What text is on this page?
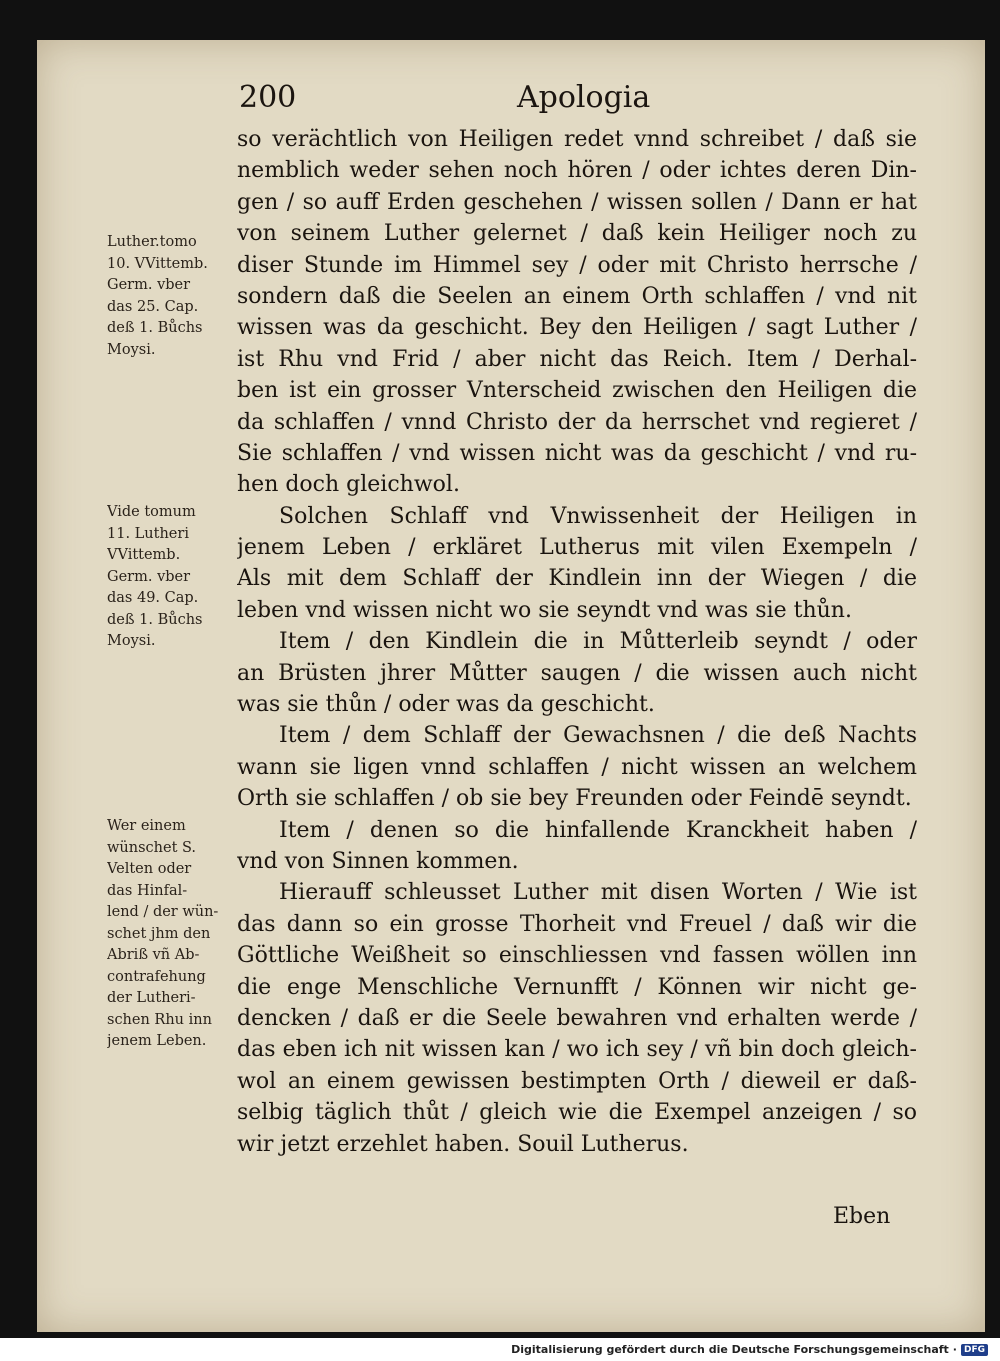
200	Apologia
so verächtlich von Heiligen redet vnnd schreibet / daß sie
nemblich weder sehen noch hören / oder ichtes deren Din-
gen / so auff Erden geschehen / wissen sollen / Dann er hat
von seinem Luther gelernet / daß kein Heiliger noch zu
diser Stunde im Himmel sey / oder mit Christo herrsche /
sondern daß die Seelen an einem Orth schlaffen / vnd nit
wissen was da geschicht. Bey den Heiligen / sagt Luther /
ist Rhu vnd Frid / aber nicht das Reich. Item / Derhal-
ben ist ein grosser Vnterscheid zwischen den Heiligen die
da schlaffen / vnnd Christo der da herrschet vnd regieret /
Sie schlaffen / vnd wissen nicht was da geschicht / vnd ru-
hen doch gleichwol.
Solchen Schlaff vnd Vnwissenheit der Heiligen in
jenem Leben / erkläret Lutherus mit vilen Exempeln /
Als mit dem Schlaff der Kindlein inn der Wiegen / die
leben vnd wissen nicht wo sie seyndt vnd was sie thůn.
Item / den Kindlein die in Můtterleib seyndt / oder
an Brüsten jhrer Můtter saugen / die wissen auch nicht
was sie thůn / oder was da geschicht.
Item / dem Schlaff der Gewachsnen / die deß Nachts
wann sie ligen vnnd schlaffen / nicht wissen an welchem
Orth sie schlaffen / ob sie bey Freunden oder Feindē seyndt.
Item / denen so die hinfallende Kranckheit haben /
vnd von Sinnen kommen.
Hierauff schleusset Luther mit disen Worten / Wie ist
das dann so ein grosse Thorheit vnd Freuel / daß wir die
Göttliche Weißheit so einschliessen vnd fassen wöllen inn
die enge Menschliche Vernunfft / Können wir nicht ge-
dencken / daß er die Seele bewahren vnd erhalten werde /
das eben ich nit wissen kan / wo ich sey / vñ bin doch gleich-
wol an einem gewissen bestimpten Orth / dieweil er daß-
selbig täglich thůt / gleich wie die Exempel anzeigen / so
wir jetzt erzehlet haben. Souil Lutherus.
Luther.tomo
10. VVittemb.
Germ. vber
das 25. Cap.
deß 1. Bůchs
Moysi.
Vide tomum
11. Lutheri
VVittemb.
Germ. vber
das 49. Cap.
deß 1. Bůchs
Moysi.
Wer einem
wünschet S.
Velten oder
das Hinfal-
lend / der wün-
schet jhm den
Abriß vñ Ab-
contrafehung
der Lutheri-
schen Rhu inn
jenem Leben.
Eben
Digitalisierung gefördert durch die Deutsche Forschungsgemeinschaft · DFG
